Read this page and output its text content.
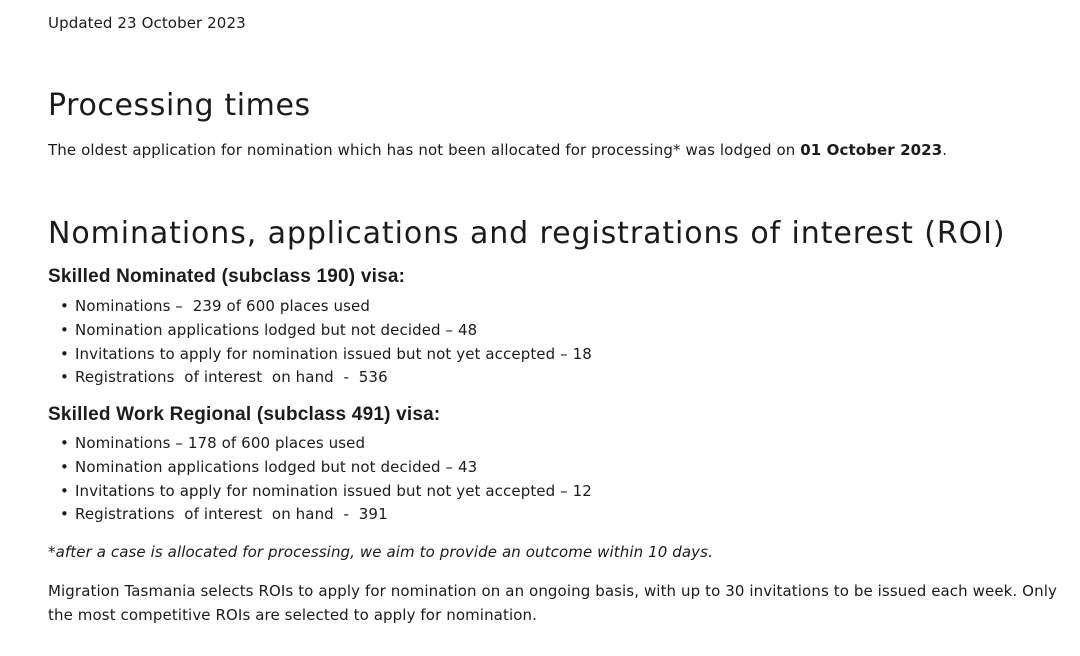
Updated 23 October 2023
Processing times

The oldest application for nomination which has not been allocated for processing* was lodged on 01 October 2023.

Nominations, applications and registrations of interest (ROI)
Skilled Nominated (subclass 190) visa:
• Nominations –  239 of 600 places used
• Nomination applications lodged but not decided – 48
• Invitations to apply for nomination issued but not yet accepted – 18
• Registrations  of interest  on hand  -  536
Skilled Work Regional (subclass 491) visa:
• Nominations – 178 of 600 places used
• Nomination applications lodged but not decided – 43
• Invitations to apply for nomination issued but not yet accepted – 12
• Registrations  of interest  on hand  -  391

*after a case is allocated for processing, we aim to provide an outcome within 10 days.

Migration Tasmania selects ROIs to apply for nomination on an ongoing basis, with up to 30 invitations to be issued each week. Only the most competitive ROIs are selected to apply for nomination.
